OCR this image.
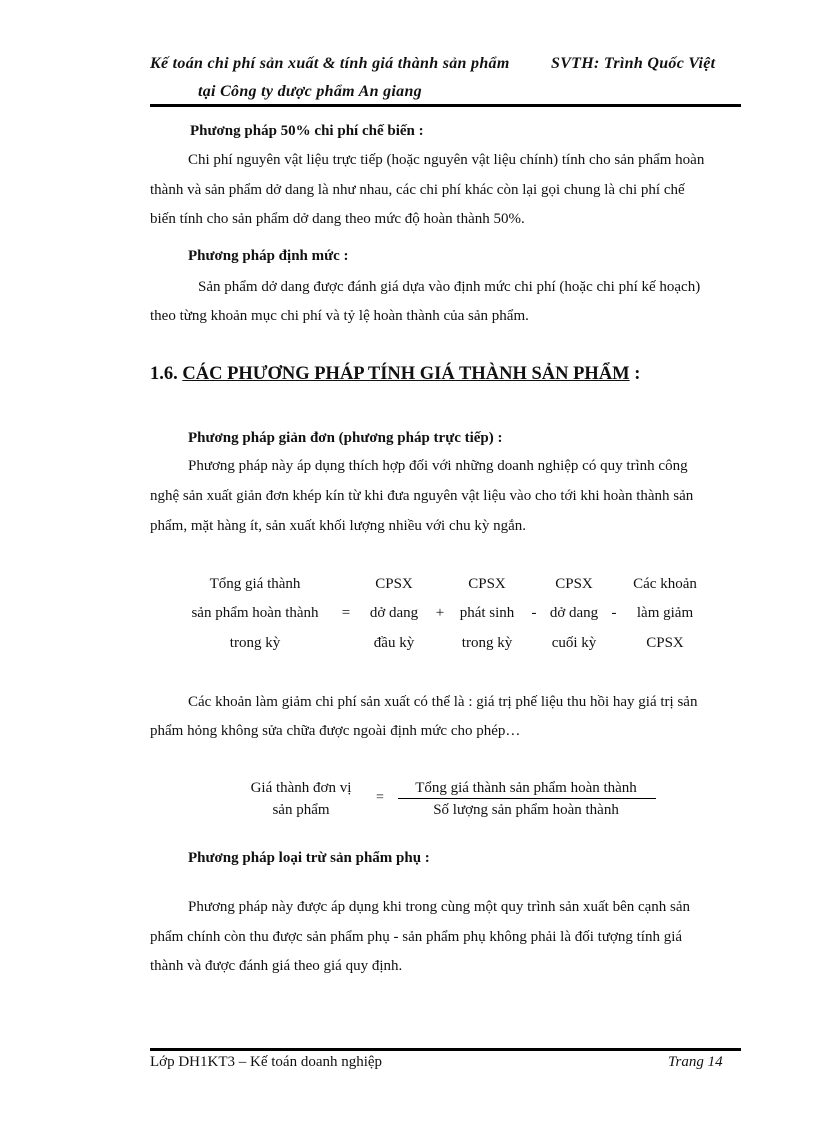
Kế toán chi phí sản xuất & tính giá thành sản phẩm	SVTH: Trình Quốc Việt
tại Công ty dược phẩm An giang
Phương pháp 50% chi phí chế biến :
Chi phí nguyên vật liệu trực tiếp (hoặc nguyên vật liệu chính) tính cho sản phẩm hoàn
thành và sản phẩm dở dang là như nhau, các chi phí khác còn lại gọi chung là chi phí chế
biến tính cho sản phẩm dở dang theo mức độ hoàn thành 50%.
Phương pháp định mức :
Sản phẩm dở dang được đánh giá dựa vào định mức chi phí (hoặc chi phí kế hoạch)
theo từng khoản mục chi phí và tỷ lệ hoàn thành của sản phẩm.
1.6. CÁC PHƯƠNG PHÁP TÍNH GIÁ THÀNH SẢN PHẨM :
Phương pháp giản đơn (phương pháp trực tiếp) :
Phương pháp này áp dụng thích hợp đối với những doanh nghiệp có quy trình công
nghệ sản xuất giản đơn khép kín từ khi đưa nguyên vật liệu vào cho tới khi hoàn thành sản
phẩm, mặt hàng ít, sản xuất khối lượng nhiều với chu kỳ ngắn.
Tổng giá thành
sản phẩm hoàn thành
trong kỳ
=
CPSX
dở dang
đầu kỳ
+
CPSX
phát sinh
trong kỳ
-
CPSX
dở dang
cuối kỳ
-
Các khoản
làm giảm
CPSX
Các khoản làm giảm chi phí sản xuất có thể là : giá trị phế liệu thu hồi hay giá trị sản
phẩm hỏng không sửa chữa được ngoài định mức cho phép…
Giá thành đơn vị
sản phẩm
=
Tổng giá thành sản phẩm hoàn thành
Số lượng sản phẩm hoàn thành
Phương pháp loại trừ sản phẩm phụ :
Phương pháp này được áp dụng khi trong cùng một quy trình sản xuất bên cạnh sản
phẩm chính còn thu được sản phẩm phụ - sản phẩm phụ không phải là đối tượng tính giá
thành và được đánh giá theo giá quy định.
Lớp DH1KT3 – Kế toán doanh nghiệp	Trang 14
